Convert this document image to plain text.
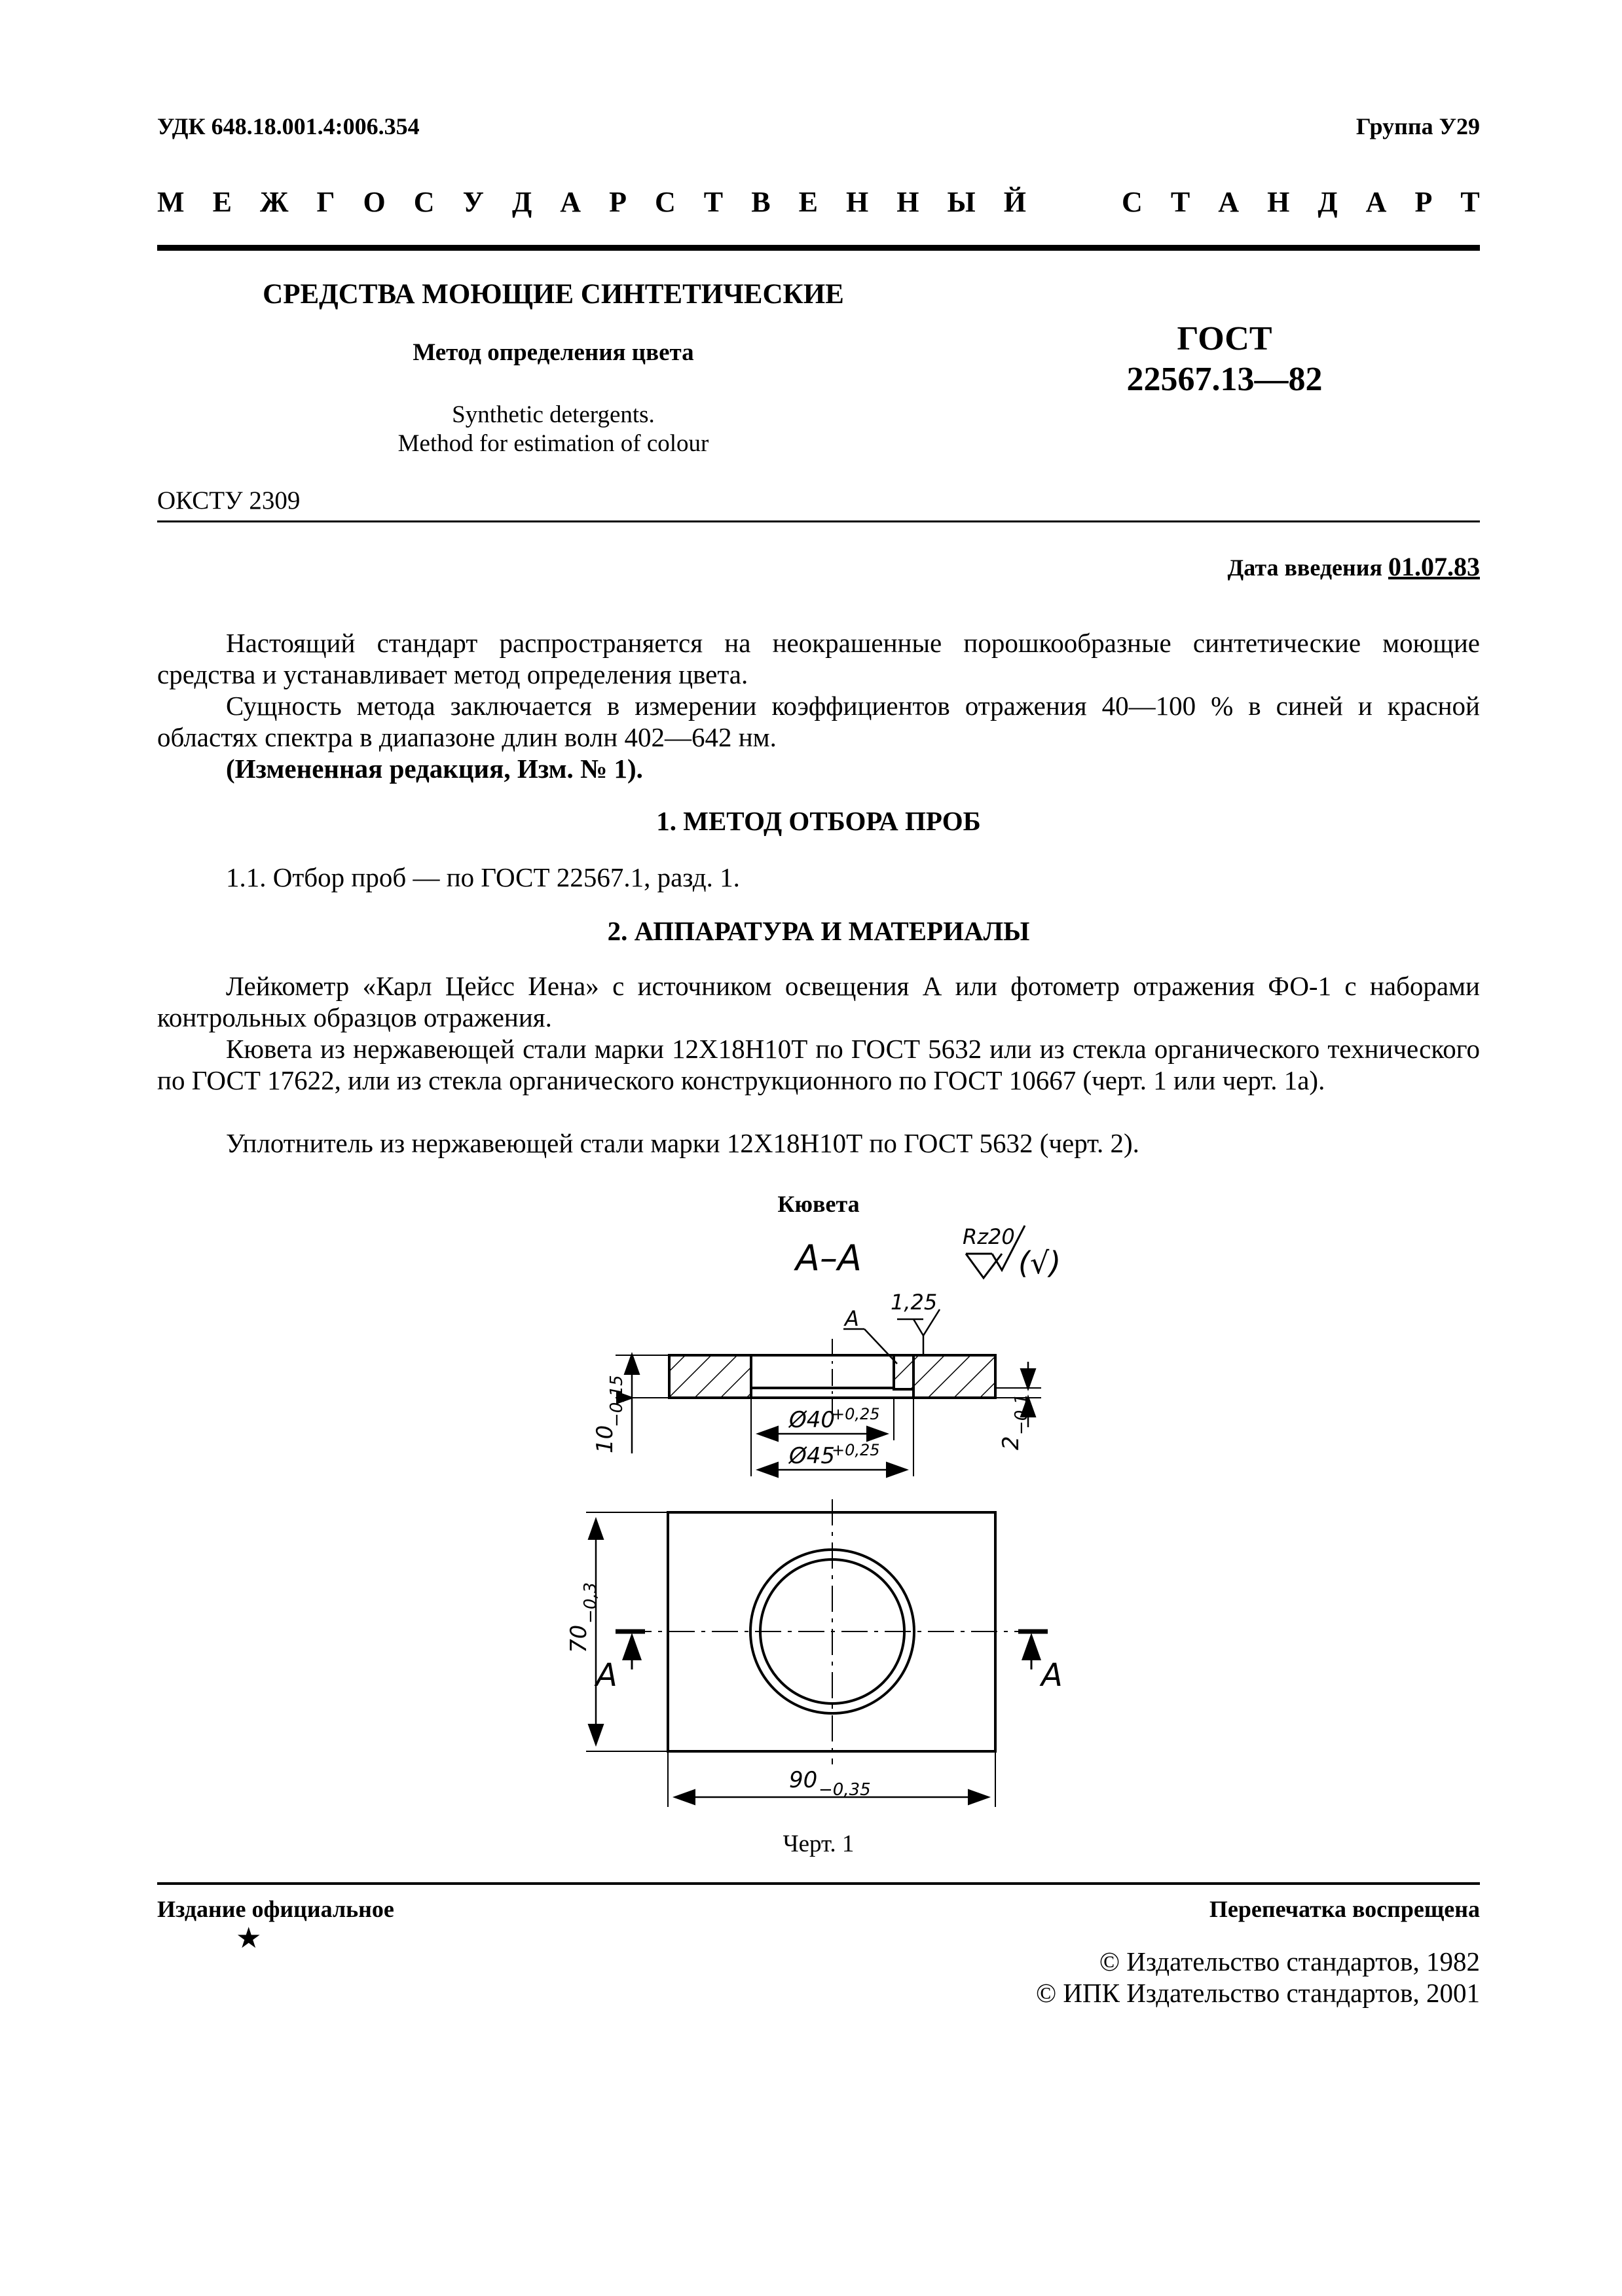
УДК 648.18.001.4:006.354	Группа У29
М Е Ж Г О С У Д А Р С Т В Е Н Н Ы Й	С Т А Н Д А Р Т
СРЕДСТВА МОЮЩИЕ СИНТЕТИЧЕСКИЕ
Метод определения цвета
Synthetic detergents.
Method for estimation of colour
ГОСТ
22567.13—82
ОКСТУ 2309
Дата введения 01.07.83
Настоящий стандарт распространяется на неокрашенные порошкообразные синтетические моющие средства и устанавливает метод определения цвета.
Сущность метода заключается в измерении коэффициентов отражения 40—100 % в синей и красной областях спектра в диапазоне длин волн 402—642 нм.
(Измененная редакция, Изм. № 1).
1. МЕТОД ОТБОРА ПРОБ
1.1. Отбор проб — по ГОСТ 22567.1, разд. 1.
2. АППАРАТУРА И МАТЕРИАЛЫ
Лейкометр «Карл Цейсс Иена» с источником освещения А или фотометр отражения ФО-1 с наборами контрольных образцов отражения.
Кювета из нержавеющей стали марки 12Х18Н10Т по ГОСТ 5632 или из стекла органического технического по ГОСТ 17622, или из стекла органического конструкционного по ГОСТ 10667 (черт. 1 или черт. 1а).
Уплотнитель из нержавеющей стали марки 12Х18Н10Т по ГОСТ 5632 (черт. 2).
Кювета
А–А
Rz20
(√)
A
1,25
Ø40
+0,25
Ø45
+0,25
10
−0,15
2
−0,1
A	A
70
−0,3
90 −0,35
Черт. 1
Издание официальное	Перепечатка воспрещена
★
© Издательство стандартов, 1982
© ИПК Издательство стандартов, 2001
